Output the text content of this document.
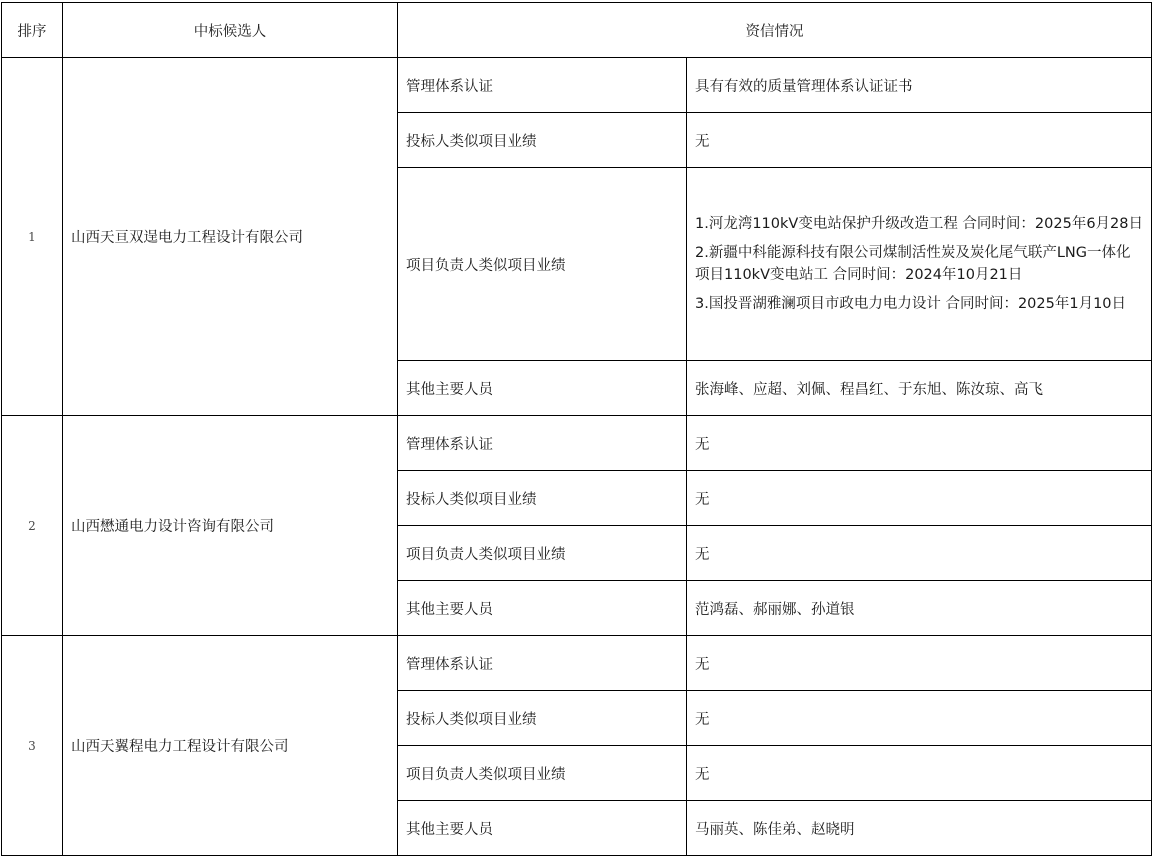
排序	中标候选人	资信情况	
1	山西天亘双逞电力工程设计有限公司	管理体系认证	具有有效的质量管理体系认证证书
		投标人类似项目业绩	无
		项目负责人类似项目业绩	1.河龙湾110kV变电站保护升级改造工程 合同时间：2025年6月28日
2.新疆中科能源科技有限公司煤制活性炭及炭化尾气联产LNG一体化项目110kV变电站工 合同时间：2024年10月21日
3.国投晋湖雅澜项目市政电力电力设计 合同时间：2025年1月10日

		其他主要人员	张海峰、应超、刘佩、程昌红、于东旭、陈汝琼、高飞
2	山西懋通电力设计咨询有限公司	管理体系认证	无
		投标人类似项目业绩	无
		项目负责人类似项目业绩	无
		其他主要人员	范鸿磊、郝丽娜、孙道银
3	山西天翼程电力工程设计有限公司	管理体系认证	无
		投标人类似项目业绩	无
		项目负责人类似项目业绩	无
		其他主要人员	马丽英、陈佳弟、赵晓明
